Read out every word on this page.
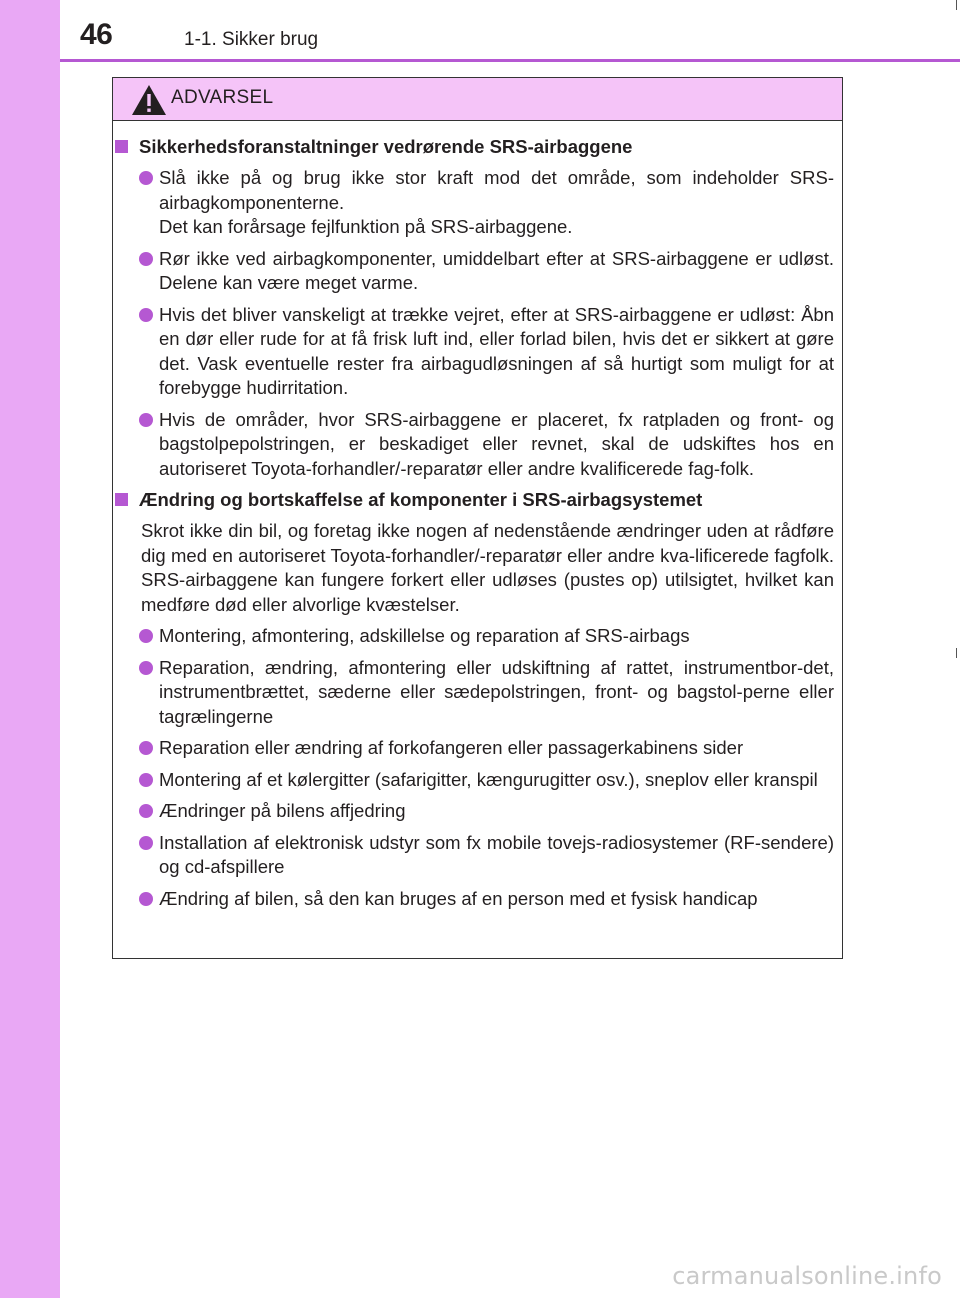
46	1-1. Sikker brug
ADVARSEL
Sikkerhedsforanstaltninger vedrørende SRS-airbaggene
Slå ikke på og brug ikke stor kraft mod det område, som indeholder SRS-airbagkomponenterne.
Det kan forårsage fejlfunktion på SRS-airbaggene.
Rør ikke ved airbagkomponenter, umiddelbart efter at SRS-airbaggene er udløst. Delene kan være meget varme.
Hvis det bliver vanskeligt at trække vejret, efter at SRS-airbaggene er udløst: Åbn en dør eller rude for at få frisk luft ind, eller forlad bilen, hvis det er sikkert at gøre det. Vask eventuelle rester fra airbagudløsningen af så hurtigt som muligt for at forebygge hudirritation.
Hvis de områder, hvor SRS-airbaggene er placeret, fx ratpladen og front- og bagstolpepolstringen, er beskadiget eller revnet, skal de udskiftes hos en autoriseret Toyota-forhandler/-reparatør eller andre kvalificerede fag-folk.
Ændring og bortskaffelse af komponenter i SRS-airbagsystemet
Skrot ikke din bil, og foretag ikke nogen af nedenstående ændringer uden at rådføre dig med en autoriseret Toyota-forhandler/-reparatør eller andre kva-lificerede fagfolk. SRS-airbaggene kan fungere forkert eller udløses (pustes op) utilsigtet, hvilket kan medføre død eller alvorlige kvæstelser.
Montering, afmontering, adskillelse og reparation af SRS-airbags
Reparation, ændring, afmontering eller udskiftning af rattet, instrumentbor-det, instrumentbrættet, sæderne eller sædepolstringen, front- og bagstol-perne eller tagrælingerne
Reparation eller ændring af forkofangeren eller passagerkabinens sider
Montering af et kølergitter (safarigitter, kængurugitter osv.), sneplov eller kranspil
Ændringer på bilens affjedring
Installation af elektronisk udstyr som fx mobile tovejs-radiosystemer (RF-sendere) og cd-afspillere
Ændring af bilen, så den kan bruges af en person med et fysisk handicap
carmanualsonline.info
